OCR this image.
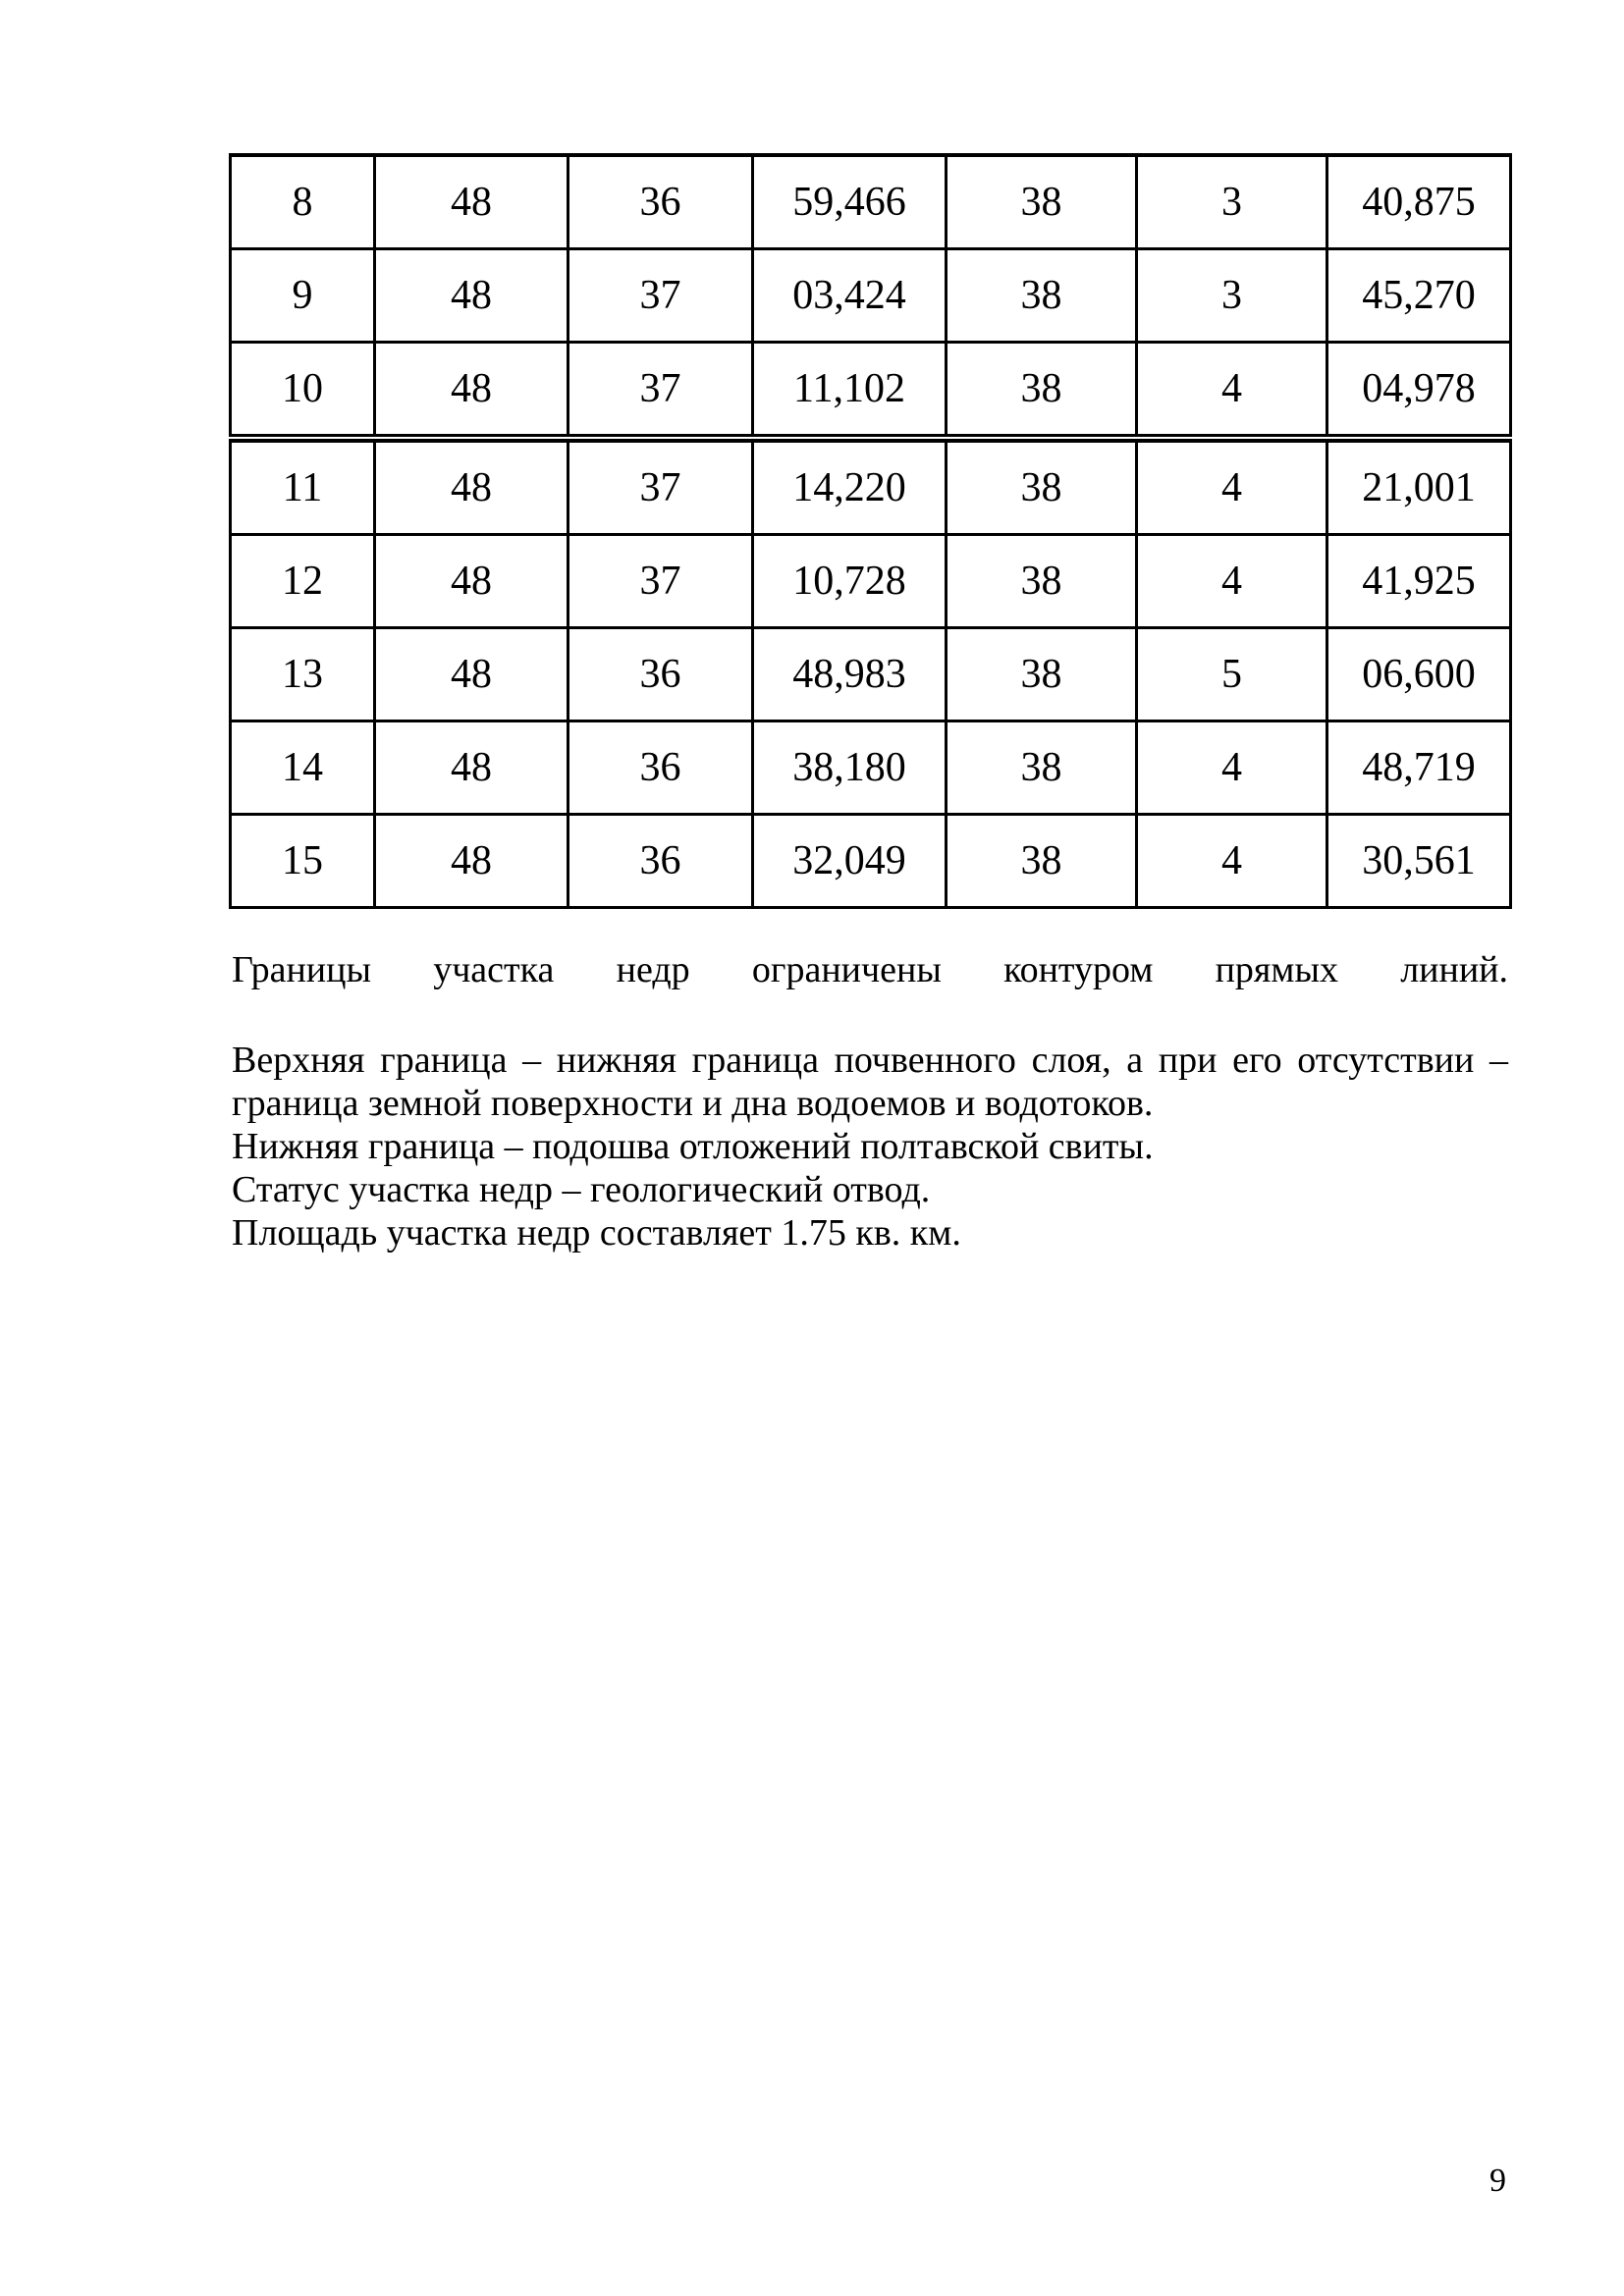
8	48	36	59,466	38	3	40,875
9	48	37	03,424	38	3	45,270
10	48	37	11,102	38	4	04,978
11	48	37	14,220	38	4	21,001
12	48	37	10,728	38	4	41,925
13	48	36	48,983	38	5	06,600
14	48	36	38,180	38	4	48,719
15	48	36	32,049	38	4	30,561

Границы участка недр ограничены контуром прямых линий.

Верхняя граница – нижняя граница почвенного слоя, а при его отсутствии –
граница земной поверхности и дна водоемов и водотоков.

Нижняя граница – подошва отложений полтавской свиты.

Статус участка недр – геологический отвод.

Площадь участка недр составляет 1.75 кв. км.

9
